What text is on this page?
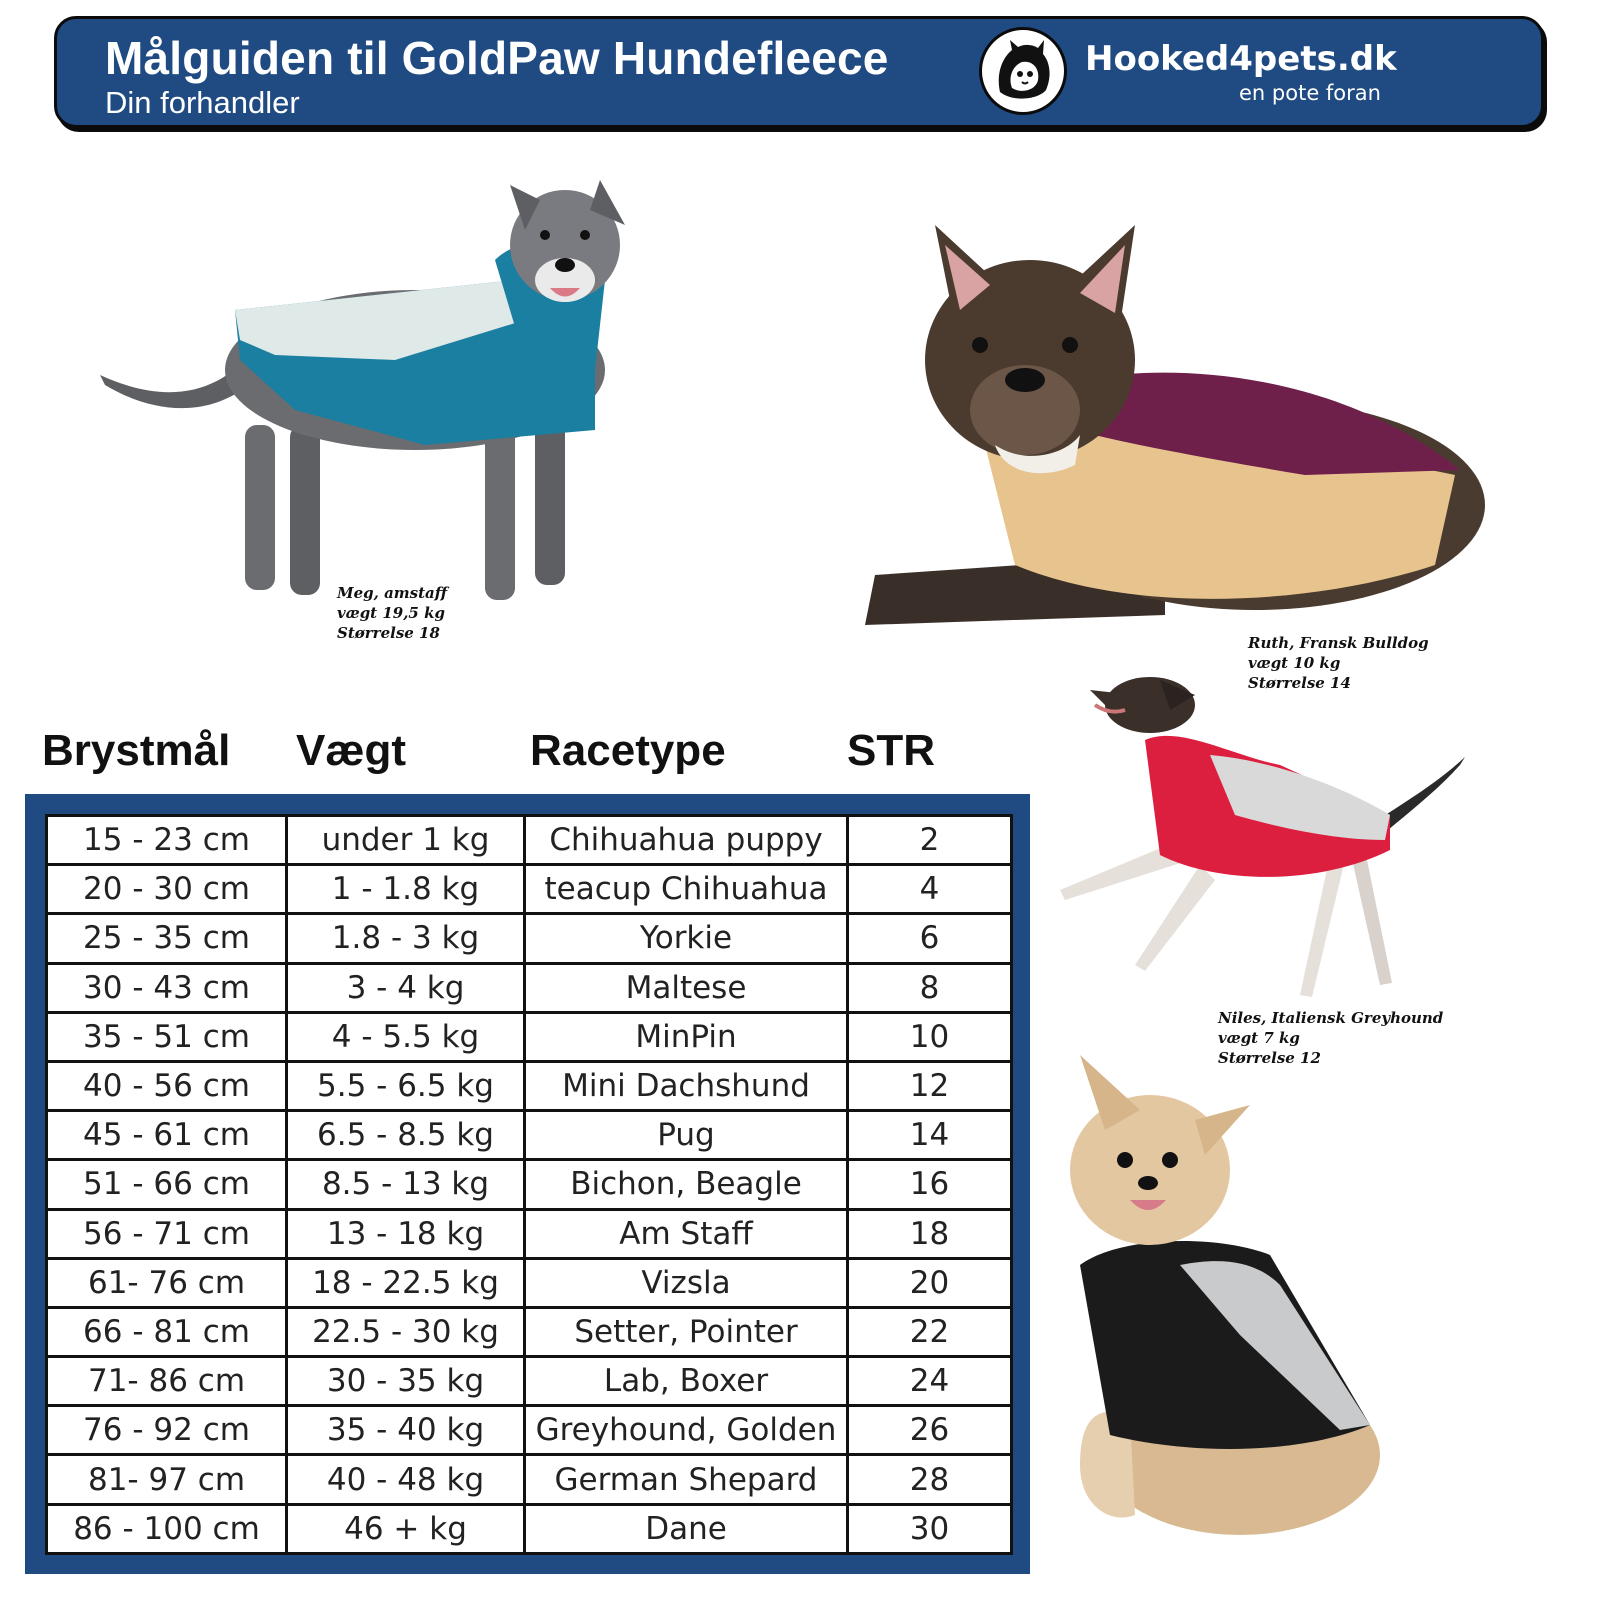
Målguiden til GoldPaw Hundefleece
Din forhandler
Hooked4pets.dk
en pote foran
Meg, amstaff
vægt 19,5 kg
Størrelse 18
Ruth, Fransk Bulldog
vægt 10 kg
Størrelse 14
Niles, Italiensk Greyhound
vægt 7 kg
Størrelse 12
Brystmål Vægt	Racetype	STR
15 - 23 cm	under 1 kg	Chihuahua puppy	2
20 - 30 cm	1 - 1.8 kg	teacup Chihuahua	4
25 - 35 cm	1.8 - 3 kg	Yorkie	6
30 - 43 cm	3 - 4 kg	Maltese	8
35 - 51 cm	4 - 5.5 kg	MinPin	10
40 - 56 cm	5.5 - 6.5 kg	Mini Dachshund	12
45 - 61 cm	6.5 - 8.5 kg	Pug	14
51 - 66 cm	8.5 - 13 kg	Bichon, Beagle	16
56 - 71 cm	13 - 18 kg	Am Staff	18
61- 76 cm	18 - 22.5 kg	Vizsla	20
66 - 81 cm	22.5 - 30 kg	Setter, Pointer	22
71- 86 cm	30 - 35 kg	Lab, Boxer	24
76 - 92 cm	35 - 40 kg	Greyhound, Golden	26
81- 97 cm	40 - 48 kg	German Shepard	28
86 - 100 cm	46 + kg	Dane	30
